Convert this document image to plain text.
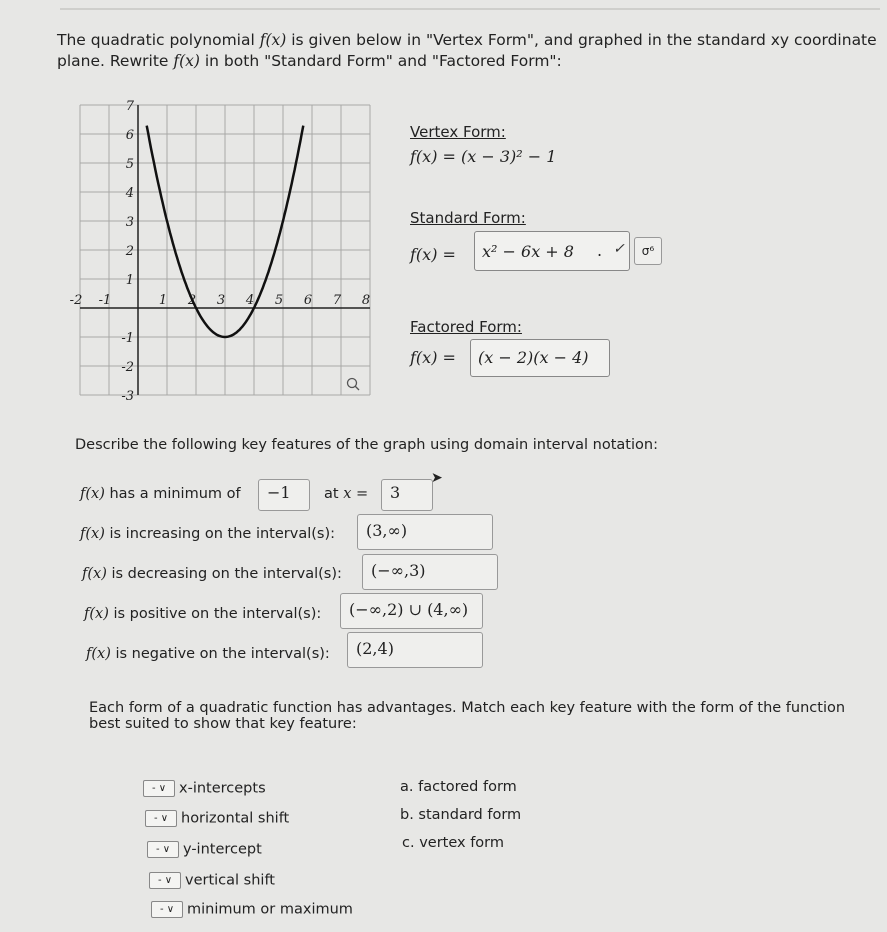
The quadratic polynomial f(x) is given below in "Vertex Form", and graphed in the standard xy coordinate
plane. Rewrite f(x) in both "Standard Form" and "Factored Form":
-2 -1	1 2 3 4 5 6 7 8
7
6
5
4
3
2
1
-1
-2
-3
Vertex Form:
f(x) = (x − 3)² − 1
Standard Form:
f(x) =	x² − 6x + 8 . ✓	σ⁶
Factored Form:
f(x) =	(x − 2)(x − 4)
Describe the following key features of the graph using domain interval notation:
f(x) has a minimum of	−1	at x =	3
➤
f(x) is increasing on the interval(s):	(3,∞)
f(x) is decreasing on the interval(s):	(−∞,3)
f(x) is positive on the interval(s):	(−∞,2) ∪ (4,∞)
f(x) is negative on the interval(s):	(2,4)
Each form of a quadratic function has advantages. Match each key feature with the form of the function
best suited to show that key feature:
- ∨ x-intercepts
- ∨ horizontal shift
- ∨ y-intercept
- ∨ vertical shift
- ∨ minimum or maximum
a. factored form
b. standard form
c. vertex form
